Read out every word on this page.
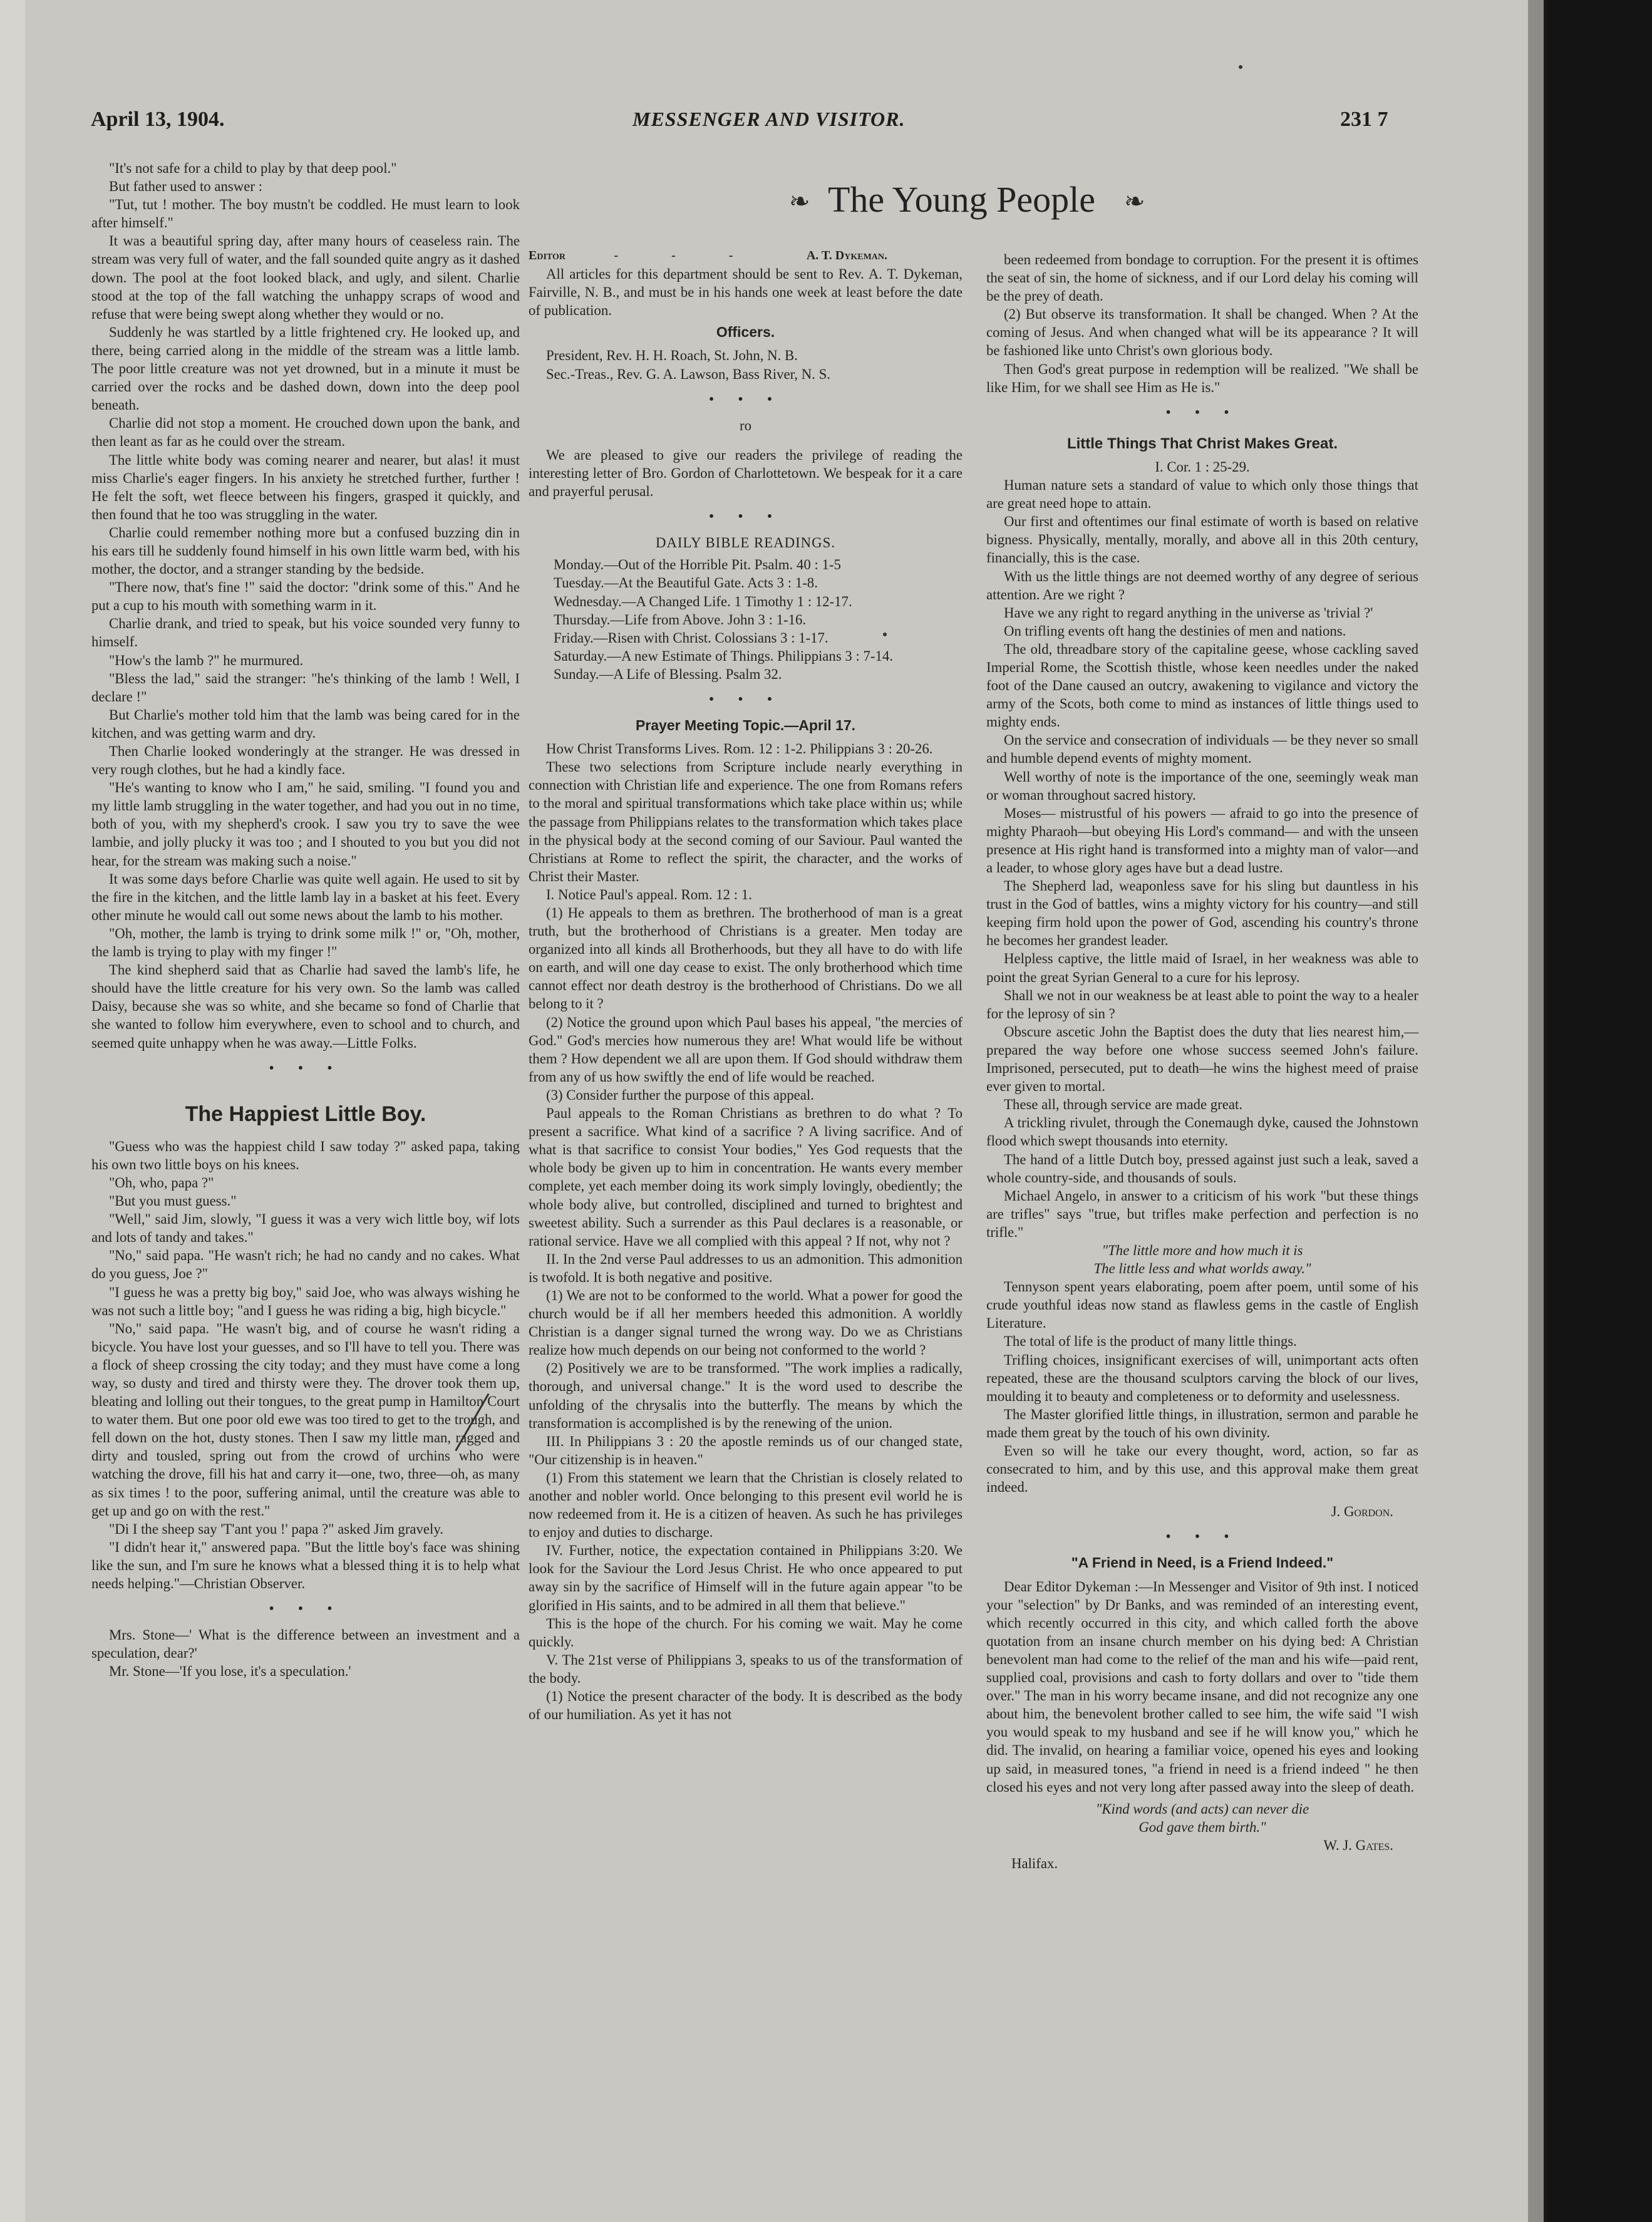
April 13, 1904.	MESSENGER AND VISITOR.	231 7
❧ The Young People ❧

"It's not safe for a child to play by that deep pool."

But father used to answer :

"Tut, tut ! mother. The boy mustn't be coddled. He must learn to look after himself."

It was a beautiful spring day, after many hours of ceaseless rain. The stream was very full of water, and the fall sounded quite angry as it dashed down. The pool at the foot looked black, and ugly, and silent. Charlie stood at the top of the fall watching the unhappy scraps of wood and refuse that were being swept along whether they would or no.

Suddenly he was startled by a little frightened cry. He looked up, and there, being carried along in the middle of the stream was a little lamb. The poor little creature was not yet drowned, but in a minute it must be carried over the rocks and be dashed down, down into the deep pool beneath.

Charlie did not stop a moment. He crouched down upon the bank, and then leant as far as he could over the stream.

The little white body was coming nearer and nearer, but alas! it must miss Charlie's eager fingers. In his anxiety he stretched further, further ! He felt the soft, wet fleece between his fingers, grasped it quickly, and then found that he too was struggling in the water.

Charlie could remember nothing more but a confused buzzing din in his ears till he suddenly found himself in his own little warm bed, with his mother, the doctor, and a stranger standing by the bedside.

"There now, that's fine !" said the doctor: "drink some of this." And he put a cup to his mouth with something warm in it.

Charlie drank, and tried to speak, but his voice sounded very funny to himself.

"How's the lamb ?" he murmured.

"Bless the lad," said the stranger: "he's thinking of the lamb ! Well, I declare !"

But Charlie's mother told him that the lamb was being cared for in the kitchen, and was getting warm and dry.

Then Charlie looked wonderingly at the stranger. He was dressed in very rough clothes, but he had a kindly face.

"He's wanting to know who I am," he said, smiling. "I found you and my little lamb struggling in the water together, and had you out in no time, both of you, with my shepherd's crook. I saw you try to save the wee lambie, and jolly plucky it was too ; and I shouted to you but you did not hear, for the stream was making such a noise."

It was some days before Charlie was quite well again. He used to sit by the fire in the kitchen, and the little lamb lay in a basket at his feet. Every other minute he would call out some news about the lamb to his mother.

"Oh, mother, the lamb is trying to drink some milk !" or, "Oh, mother, the lamb is trying to play with my finger !"

The kind shepherd said that as Charlie had saved the lamb's life, he should have the little creature for his very own. So the lamb was called Daisy, because she was so white, and she became so fond of Charlie that she wanted to follow him everywhere, even to school and to church, and seemed quite unhappy when he was away.—Little Folks.

• • •
The Happiest Little Boy.

"Guess who was the happiest child I saw today ?" asked papa, taking his own two little boys on his knees.

"Oh, who, papa ?"

"But you must guess."

"Well," said Jim, slowly, "I guess it was a very wich little boy, wif lots and lots of tandy and takes."

"No," said papa. "He wasn't rich; he had no candy and no cakes. What do you guess, Joe ?"

"I guess he was a pretty big boy," said Joe, who was always wishing he was not such a little boy; "and I guess he was riding a big, high bicycle."

"No," said papa. "He wasn't big, and of course he wasn't riding a bicycle. You have lost your guesses, and so I'll have to tell you. There was a flock of sheep crossing the city today; and they must have come a long way, so dusty and tired and thirsty were they. The drover took them up, bleating and lolling out their tongues, to the great pump in Hamilton Court to water them. But one poor old ewe was too tired to get to the trough, and fell down on the hot, dusty stones. Then I saw my little man, ragged and dirty and tousled, spring out from the crowd of urchins who were watching the drove, fill his hat and carry it—one, two, three—oh, as many as six times ! to the poor, suffering animal, until the creature was able to get up and go on with the rest."

"Di I the sheep say 'T'ant you !' papa ?" asked Jim gravely.

"I didn't hear it," answered papa. "But the little boy's face was shining like the sun, and I'm sure he knows what a blessed thing it is to help what needs helping."—Christian Observer.

• • •

Mrs. Stone—' What is the difference between an investment and a speculation, dear?'

Mr. Stone—'If you lose, it's a speculation.'

Editor	- - -	A. T. Dykeman.

All articles for this department should be sent to Rev. A. T. Dykeman, Fairville, N. B., and must be in his hands one week at least before the date of publication.

Officers.
President, Rev. H. H. Roach, St. John, N. B.
Sec.-Treas., Rev. G. A. Lawson, Bass River, N. S.
• • •
ro

We are pleased to give our readers the privilege of reading the interesting letter of Bro. Gordon of Charlottetown. We bespeak for it a care and prayerful perusal.

• • •
DAILY BIBLE READINGS.
Monday.—Out of the Horrible Pit. Psalm. 40 : 1-5
Tuesday.—At the Beautiful Gate. Acts 3 : 1-8.
Wednesday.—A Changed Life. 1 Timothy 1 : 12-17.
Thursday.—Life from Above. John 3 : 1-16.
Friday.—Risen with Christ. Colossians 3 : 1-17.
Saturday.—A new Estimate of Things. Philippians 3 : 7-14.
Sunday.—A Life of Blessing. Psalm 32.
• • •
Prayer Meeting Topic.—April 17.

How Christ Transforms Lives. Rom. 12 : 1-2. Philippians 3 : 20-26.

These two selections from Scripture include nearly everything in connection with Christian life and experience. The one from Romans refers to the moral and spiritual transformations which take place within us; while the passage from Philippians relates to the transformation which takes place in the physical body at the second coming of our Saviour. Paul wanted the Christians at Rome to reflect the spirit, the character, and the works of Christ their Master.

I. Notice Paul's appeal. Rom. 12 : 1.

(1) He appeals to them as brethren. The brotherhood of man is a great truth, but the brotherhood of Christians is a greater. Men today are organized into all kinds all Brotherhoods, but they all have to do with life on earth, and will one day cease to exist. The only brotherhood which time cannot effect nor death destroy is the brotherhood of Christians. Do we all belong to it ?

(2) Notice the ground upon which Paul bases his appeal, "the mercies of God." God's mercies how numerous they are! What would life be without them ? How dependent we all are upon them. If God should withdraw them from any of us how swiftly the end of life would be reached.

(3) Consider further the purpose of this appeal.

Paul appeals to the Roman Christians as brethren to do what ? To present a sacrifice. What kind of a sacrifice ? A living sacrifice. And of what is that sacrifice to consist Your bodies," Yes God requests that the whole body be given up to him in concentration. He wants every member complete, yet each member doing its work simply lovingly, obediently; the whole body alive, but controlled, disciplined and turned to brightest and sweetest ability. Such a surrender as this Paul declares is a reasonable, or rational service. Have we all complied with this appeal ? If not, why not ?

II. In the 2nd verse Paul addresses to us an admonition. This admonition is twofold. It is both negative and positive.

(1) We are not to be conformed to the world. What a power for good the church would be if all her members heeded this admonition. A worldly Christian is a danger signal turned the wrong way. Do we as Christians realize how much depends on our being not conformed to the world ?

(2) Positively we are to be transformed. "The work implies a radically, thorough, and universal change." It is the word used to describe the unfolding of the chrysalis into the butterfly. The means by which the transformation is accomplished is by the renewing of the union.

III. In Philippians 3 : 20 the apostle reminds us of our changed state, "Our citizenship is in heaven."

(1) From this statement we learn that the Christian is closely related to another and nobler world. Once belonging to this present evil world he is now redeemed from it. He is a citizen of heaven. As such he has privileges to enjoy and duties to discharge.

IV. Further, notice, the expectation contained in Philippians 3:20. We look for the Saviour the Lord Jesus Christ. He who once appeared to put away sin by the sacrifice of Himself will in the future again appear "to be glorified in His saints, and to be admired in all them that believe."

This is the hope of the church. For his coming we wait. May he come quickly.

V. The 21st verse of Philippians 3, speaks to us of the transformation of the body.

(1) Notice the present character of the body. It is described as the body of our humiliation. As yet it has not

been redeemed from bondage to corruption. For the present it is oftimes the seat of sin, the home of sickness, and if our Lord delay his coming will be the prey of death.

(2) But observe its transformation. It shall be changed. When ? At the coming of Jesus. And when changed what will be its appearance ? It will be fashioned like unto Christ's own glorious body.

Then God's great purpose in redemption will be realized. "We shall be like Him, for we shall see Him as He is."

• • •
Little Things That Christ Makes Great.
I. Cor. 1 : 25-29.

Human nature sets a standard of value to which only those things that are great need hope to attain.

Our first and oftentimes our final estimate of worth is based on relative bigness. Physically, mentally, morally, and above all in this 20th century, financially, this is the case.

With us the little things are not deemed worthy of any degree of serious attention. Are we right ?

Have we any right to regard anything in the universe as 'trivial ?'

On trifling events oft hang the destinies of men and nations.

The old, threadbare story of the capitaline geese, whose cackling saved Imperial Rome, the Scottish thistle, whose keen needles under the naked foot of the Dane caused an outcry, awakening to vigilance and victory the army of the Scots, both come to mind as instances of little things used to mighty ends.

On the service and consecration of individuals — be they never so small and humble depend events of mighty moment.

Well worthy of note is the importance of the one, seemingly weak man or woman throughout sacred history.

Moses— mistrustful of his powers — afraid to go into the presence of mighty Pharaoh—but obeying His Lord's command— and with the unseen presence at His right hand is transformed into a mighty man of valor—and a leader, to whose glory ages have but a dead lustre.

The Shepherd lad, weaponless save for his sling but dauntless in his trust in the God of battles, wins a mighty victory for his country—and still keeping firm hold upon the power of God, ascending his country's throne he becomes her grandest leader.

Helpless captive, the little maid of Israel, in her weakness was able to point the great Syrian General to a cure for his leprosy.

Shall we not in our weakness be at least able to point the way to a healer for the leprosy of sin ?

Obscure ascetic John the Baptist does the duty that lies nearest him,—prepared the way before one whose success seemed John's failure. Imprisoned, persecuted, put to death—he wins the highest meed of praise ever given to mortal.

These all, through service are made great.

A trickling rivulet, through the Conemaugh dyke, caused the Johnstown flood which swept thousands into eternity.

The hand of a little Dutch boy, pressed against just such a leak, saved a whole country-side, and thousands of souls.

Michael Angelo, in answer to a criticism of his work "but these things are trifles" says "true, but trifles make perfection and perfection is no trifle."

"The little more and how much it is
The little less and what worlds away."

Tennyson spent years elaborating, poem after poem, until some of his crude youthful ideas now stand as flawless gems in the castle of English Literature.

The total of life is the product of many little things.

Trifling choices, insignificant exercises of will, unimportant acts often repeated, these are the thousand sculptors carving the block of our lives, moulding it to beauty and completeness or to deformity and uselessness.

The Master glorified little things, in illustration, sermon and parable he made them great by the touch of his own divinity.

Even so will he take our every thought, word, action, so far as consecrated to him, and by this use, and this approval make them great indeed.

J. Gordon.
• • •
"A Friend in Need, is a Friend Indeed."

Dear Editor Dykeman :—In Messenger and Visitor of 9th inst. I noticed your "selection" by Dr Banks, and was reminded of an interesting event, which recently occurred in this city, and which called forth the above quotation from an insane church member on his dying bed: A Christian benevolent man had come to the relief of the man and his wife—paid rent, supplied coal, provisions and cash to forty dollars and over to "tide them over." The man in his worry became insane, and did not recognize any one about him, the benevolent brother called to see him, the wife said "I wish you would speak to my husband and see if he will know you," which he did. The invalid, on hearing a familiar voice, opened his eyes and looking up said, in measured tones, "a friend in need is a friend indeed " he then closed his eyes and not very long after passed away into the sleep of death.

"Kind words (and acts) can never die
God gave them birth."
W. J. Gates.
Halifax.
